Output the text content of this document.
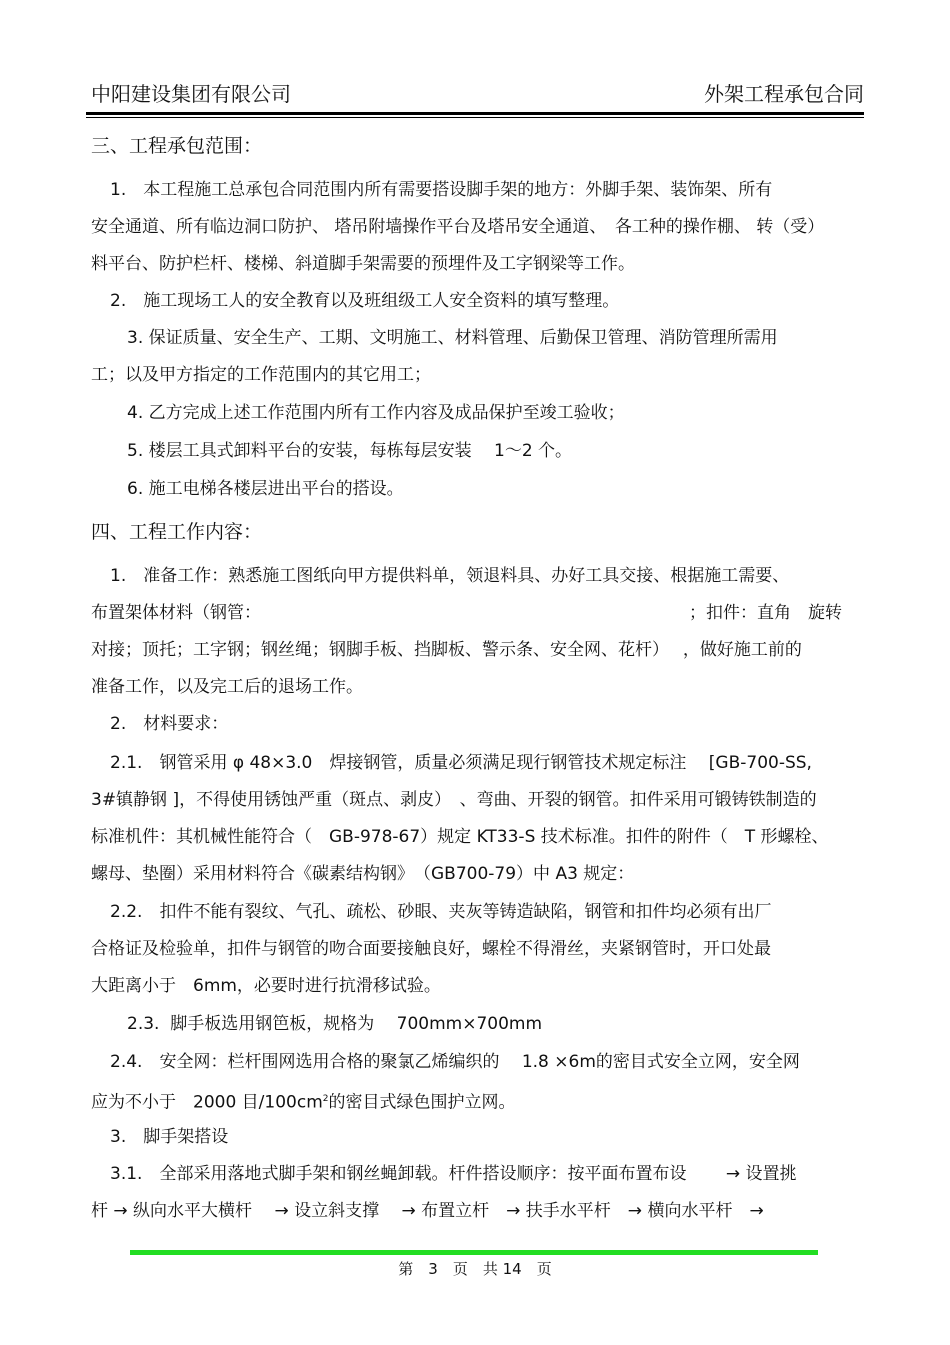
中阳建设集团有限公司	外架工程承包合同
三、工程承包范围：
1.　本工程施工总承包合同范围内所有需要搭设脚手架的地方：外脚手架、装饰架、所有
安全通道、所有临边洞口防护、 塔吊附墙操作平台及塔吊安全通道、　各工种的操作棚、 转（受）
料平台、防护栏杆、楼梯、斜道脚手架需要的预埋件及工字钢梁等工作。
2.　施工现场工人的安全教育以及班组级工人安全资料的填写整理。
3. 保证质量、安全生产、工期、文明施工、材料管理、后勤保卫管理、消防管理所需用
工；以及甲方指定的工作范围内的其它用工；
4. 乙方完成上述工作范围内所有工作内容及成品保护至竣工验收；
5. 楼层工具式卸料平台的安装，每栋每层安装　 1～2 个。
6. 施工电梯各楼层进出平台的搭设。
四、工程工作内容：
1.　准备工作：熟悉施工图纸向甲方提供料单，领退料具、办好工具交接、根据施工需要、
布置架体材料（钢管：	；扣件：直角　旋转
对接；顶托；工字钢；钢丝绳；钢脚手板、挡脚板、警示条、安全网、花杆）　 ，做好施工前的
准备工作，以及完工后的退场工作。
2.　材料要求：
2.1.　钢管采用 φ 48×3.0　焊接钢管，质量必须满足现行钢管技术规定标注　 [GB-700-SS,
3#镇静钢 ]，不得使用锈蚀严重（斑点、剥皮）　、弯曲、开裂的钢管。扣件采用可锻铸铁制造的
标准机件：其机械性能符合（　GB-978-67）规定 KT33-S 技术标准。扣件的附件（　T 形螺栓、
螺母、垫圈）采用材料符合《碳素结构钢》　（GB700-79）中 A3 规定：
2.2.　扣件不能有裂纹、气孔、疏松、砂眼、夹灰等铸造缺陷，钢管和扣件均必须有出厂
合格证及检验单，扣件与钢管的吻合面要接触良好，螺栓不得滑丝，夹紧钢管时，开口处最
大距离小于　6mm，必要时进行抗滑移试验。
2.3.  脚手板选用钢笆板，规格为　 700mm×700mm
2.4.　安全网：栏杆围网选用合格的聚氯乙烯编织的　 1.8 ×6m的密目式安全立网，安全网
应为不小于　2000 目$/100cm^2$的密目式绿色围护立网。
3.　脚手架搭设
3.1.　全部采用落地式脚手架和钢丝蝇卸载。杆件搭设顺序：按平面布置布设　　 → 设置挑
杆 → 纵向水平大横杆　 → 设立斜支撑　 → 布置立杆　→ 扶手水平杆　→ 横向水平杆　→
第　3　页　共 14　页
